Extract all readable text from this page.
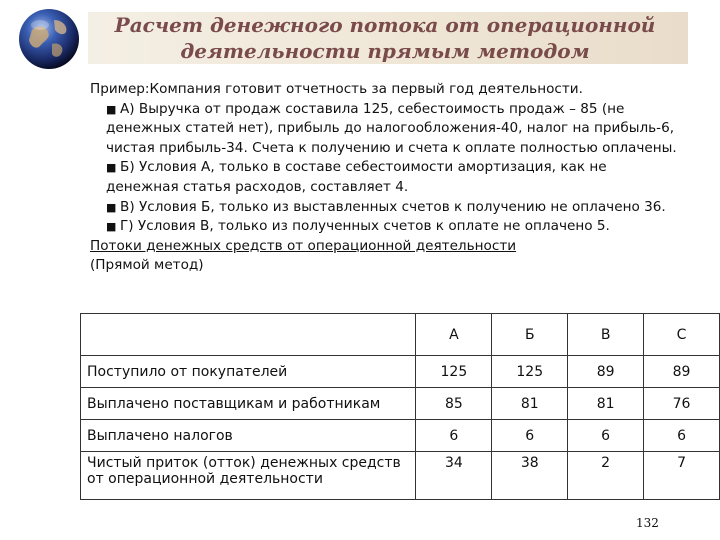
Расчет денежного потока от операционной
деятельности прямым методом

Пример:Компания готовит отчетность за первый год деятельности.

■ А) Выручка от продаж составила 125, себестоимость продаж – 85 (не

денежных статей нет), прибыль до налогообложения-40, налог на прибыль-6,

чистая прибыль-34. Счета к получению и счета к оплате полностью оплачены.

■ Б) Условия А, только в составе себестоимости амортизация, как не

денежная статья расходов, составляет 4.

■ В) Условия Б, только из выставленных счетов к получению не оплачено 36.

■ Г) Условия В, только из полученных счетов к оплате не оплачено 5.

Потоки денежных средств от операционной деятельности

(Прямой метод)

	А	Б	В	С
Поступило от покупателей	125	125	89	89
Выплачено поставщикам и работникам	85	81	81	76
Выплачено налогов	6	6	6	6

Чистый приток (отток) денежных средств
от операционной деятельности	34	38	2	7
132
